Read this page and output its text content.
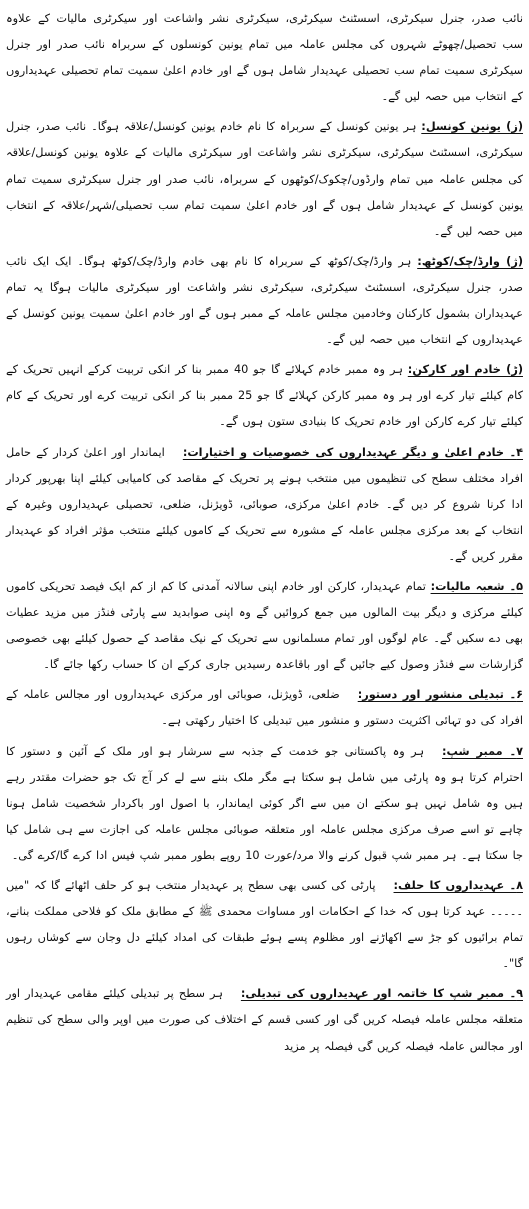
نائب صدر، جنرل سیکرٹری، اسسٹنٹ سیکرٹری، سیکرٹری نشر واشاعت اور سیکرٹری مالیات کے علاوہ سب تحصیل/چھوٹے شہروں کی مجلس عاملہ میں تمام یونین کونسلوں کے سربراہ نائب صدر اور جنرل سیکرٹری سمیت تمام سب تحصیلی عہدیدار شامل ہوں گے اور خادم اعلیٰ سمیت تمام تحصیلی عہدیداروں کے انتخاب میں حصہ لیں گے۔

(ز) یونین کونسل: ہر یونین کونسل کے سربراہ کا نام خادم یونین کونسل/علاقہ ہوگا۔ نائب صدر، جنرل سیکرٹری، اسسٹنٹ سیکرٹری، سیکرٹری نشر واشاعت اور سیکرٹری مالیات کے علاوہ یونین کونسل/علاقہ کی مجلس عاملہ میں تمام وارڈوں/چکوک/کوٹھوں کے سربراہ، نائب صدر اور جنرل سیکرٹری سمیت تمام یونین کونسل کے عہدیدار شامل ہوں گے اور خادم اعلیٰ سمیت تمام سب تحصیلی/شہر/علاقہ کے انتخاب میں حصہ لیں گے۔

(ژ) وارڈ/چک/کوٹھ: ہر وارڈ/چک/کوٹھ کے سربراہ کا نام بھی خادم وارڈ/چک/کوٹھ ہوگا۔ ایک ایک نائب صدر، جنرل سیکرٹری، اسسٹنٹ سیکرٹری، سیکرٹری نشر واشاعت اور سیکرٹری مالیات ہوگا یہ تمام عہدیداران بشمول کارکنان وخادمین مجلس عاملہ کے ممبر ہوں گے اور خادم اعلیٰ سمیت یونین کونسل کے عہدیداروں کے انتخاب میں حصہ لیں گے۔

(ڑ) خادم اور کارکن: ہر وہ ممبر خادم کہلائے گا جو 40 ممبر بنا کر انکی تربیت کرکے انہیں تحریک کے کام کیلئے تیار کرے اور ہر وہ ممبر کارکن کہلائے گا جو 25 ممبر بنا کر انکی تربیت کرے اور تحریک کے کام کیلئے تیار کرے کارکن اور خادم تحریک کا بنیادی ستون ہوں گے۔

۴۔ خادم اعلیٰ و دیگر عہدیداروں کی خصوصیات و اختیارات:ایماندار اور اعلیٰ کردار کے حامل افراد مختلف سطح کی تنظیموں میں منتخب ہونے پر تحریک کے مقاصد کی کامیابی کیلئے اپنا بھرپور کردار ادا کرنا شروع کر دیں گے۔ خادم اعلیٰ مرکزی، صوبائی، ڈویژنل، ضلعی، تحصیلی عہدیداروں وغیرہ کے انتخاب کے بعد مرکزی مجلس عاملہ کے مشورہ سے تحریک کے کاموں کیلئے منتخب مؤثر افراد کو عہدیدار مقرر کریں گے۔

۵۔ شعبہ مالیات: تمام عہدیدار، کارکن اور خادم اپنی سالانہ آمدنی کا کم از کم ایک فیصد تحریکی کاموں کیلئے مرکزی و دیگر بیت المالوں میں جمع کروائیں گے وہ اپنی صوابدید سے پارٹی فنڈز میں مزید عطیات بھی دے سکیں گے۔ عام لوگوں اور تمام مسلمانوں سے تحریک کے نیک مقاصد کے حصول کیلئے بھی خصوصی گزارشات سے فنڈز وصول کیے جائیں گے اور باقاعدہ رسیدیں جاری کرکے ان کا حساب رکھا جائے گا۔

۶۔ تبدیلی منشور اور دستور:ضلعی، ڈویژنل، صوبائی اور مرکزی عہدیداروں اور مجالس عاملہ کے افراد کی دو تہائی اکثریت دستور و منشور میں تبدیلی کا اختیار رکھتی ہے۔

۷۔ ممبر شپ:ہر وہ پاکستانی جو خدمت کے جذبہ سے سرشار ہو اور ملک کے آئین و دستور کا احترام کرتا ہو وہ پارٹی میں شامل ہو سکتا ہے مگر ملک بننے سے لے کر آج تک جو حضرات مقتدر رہے ہیں وہ شامل نہیں ہو سکتے ان میں سے اگر کوئی ایماندار، با اصول اور باکردار شخصیت شامل ہونا چاہے تو اسے صرف مرکزی مجلس عاملہ اور متعلقہ صوبائی مجلس عاملہ کی اجازت سے ہی شامل کیا جا سکتا ہے۔ ہر ممبر شپ قبول کرنے والا مرد/عورت 10 روپے بطور ممبر شپ فیس ادا کرے گا/کرے گی۔

۸۔ عہدیداروں کا حلف:پارٹی کی کسی بھی سطح پر عہدیدار منتخب ہو کر حلف اٹھائے گا کہ "میں ۔۔۔۔۔ عہد کرتا ہوں کہ خدا کے احکامات اور مساوات محمدی ﷺ کے مطابق ملک کو فلاحی مملکت بنانے، تمام برائیوں کو جڑ سے اکھاڑنے اور مظلوم پسے ہوئے طبقات کی امداد کیلئے دل وجان سے کوشاں رہوں گا"۔

۹۔ ممبر شپ کا خاتمہ اور عہدیداروں کی تبدیلی:ہر سطح پر تبدیلی کیلئے مقامی عہدیدار اور متعلقہ مجلس عاملہ فیصلہ کریں گی اور کسی قسم کے اختلاف کی صورت میں اوپر والی سطح کی تنظیم اور مجالس عاملہ فیصلہ کریں گی فیصلہ پر مزید
